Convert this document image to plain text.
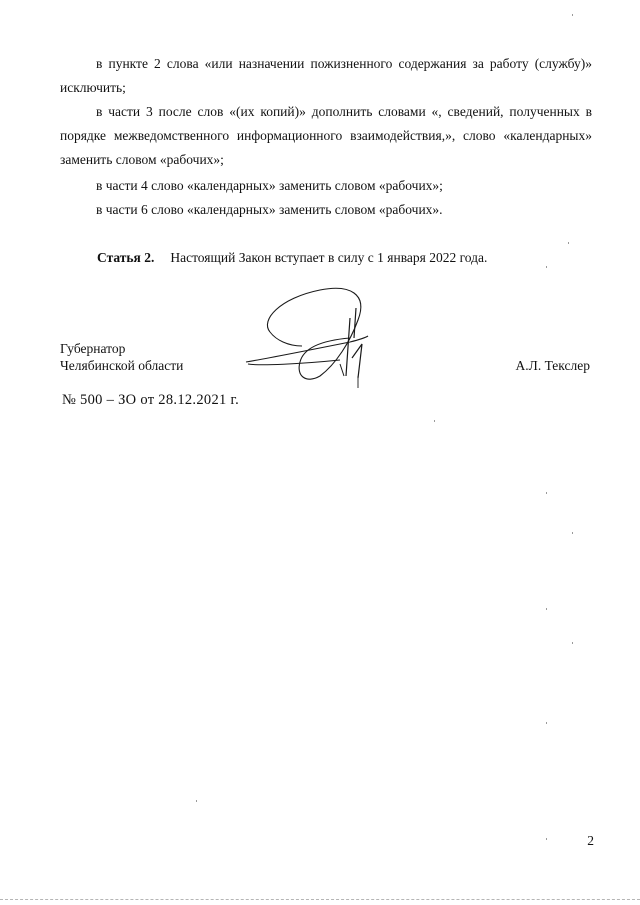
в пункте 2 слова «или назначении пожизненного содержания за работу (службу)» исключить;
в части 3 после слов «(их копий)» дополнить словами «, сведений, полученных в порядке межведомственного информационного взаимодействия,», слово «календарных» заменить словом «рабочих»;
в части 4 слово «календарных» заменить словом «рабочих»;
в части 6 слово «календарных» заменить словом «рабочих».
Статья 2. Настоящий Закон вступает в силу с 1 января 2022 года.
Губернатор
Челябинской области	А.Л. Текслер
№ 500 – ЗО от 28.12.2021 г.
2
